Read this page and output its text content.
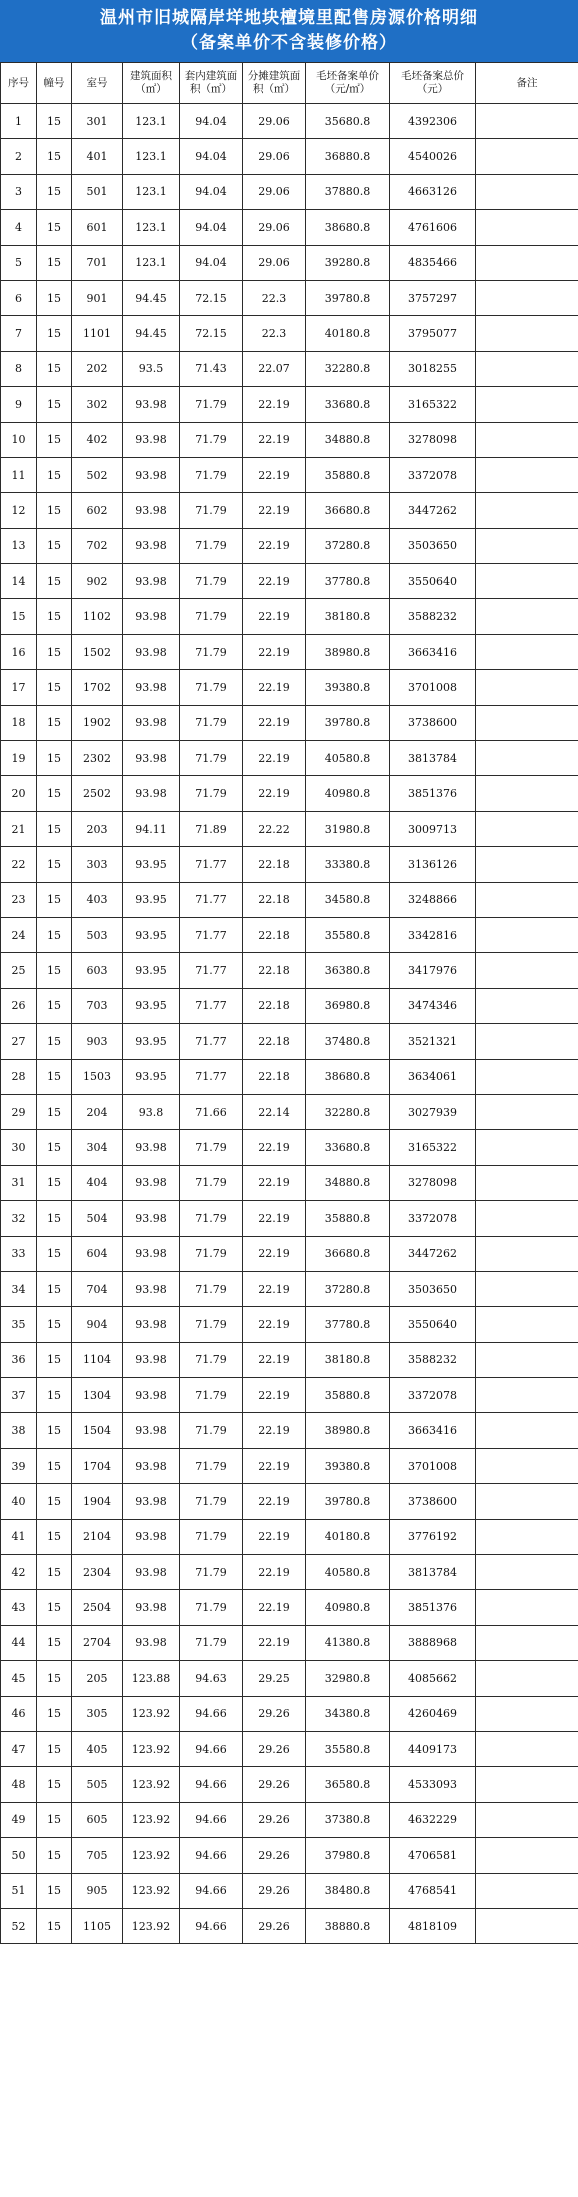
温州市旧城隔岸垟地块檀境里配售房源价格明细
（备案单价不含装修价格）
序号	幢号	室号	建筑面积（㎡）	套内建筑面积（㎡）	分摊建筑面积（㎡）	毛坯备案单价（元/㎡）	毛坯备案总价（元）	备注
1	15	301	123.1	94.04	29.06	35680.8	4392306	
2	15	401	123.1	94.04	29.06	36880.8	4540026	
3	15	501	123.1	94.04	29.06	37880.8	4663126	
4	15	601	123.1	94.04	29.06	38680.8	4761606	
5	15	701	123.1	94.04	29.06	39280.8	4835466	
6	15	901	94.45	72.15	22.3	39780.8	3757297	
7	15	1101	94.45	72.15	22.3	40180.8	3795077	
8	15	202	93.5	71.43	22.07	32280.8	3018255	
9	15	302	93.98	71.79	22.19	33680.8	3165322	
10	15	402	93.98	71.79	22.19	34880.8	3278098	
11	15	502	93.98	71.79	22.19	35880.8	3372078	
12	15	602	93.98	71.79	22.19	36680.8	3447262	
13	15	702	93.98	71.79	22.19	37280.8	3503650	
14	15	902	93.98	71.79	22.19	37780.8	3550640	
15	15	1102	93.98	71.79	22.19	38180.8	3588232	
16	15	1502	93.98	71.79	22.19	38980.8	3663416	
17	15	1702	93.98	71.79	22.19	39380.8	3701008	
18	15	1902	93.98	71.79	22.19	39780.8	3738600	
19	15	2302	93.98	71.79	22.19	40580.8	3813784	
20	15	2502	93.98	71.79	22.19	40980.8	3851376	
21	15	203	94.11	71.89	22.22	31980.8	3009713	
22	15	303	93.95	71.77	22.18	33380.8	3136126	
23	15	403	93.95	71.77	22.18	34580.8	3248866	
24	15	503	93.95	71.77	22.18	35580.8	3342816	
25	15	603	93.95	71.77	22.18	36380.8	3417976	
26	15	703	93.95	71.77	22.18	36980.8	3474346	
27	15	903	93.95	71.77	22.18	37480.8	3521321	
28	15	1503	93.95	71.77	22.18	38680.8	3634061	
29	15	204	93.8	71.66	22.14	32280.8	3027939	
30	15	304	93.98	71.79	22.19	33680.8	3165322	
31	15	404	93.98	71.79	22.19	34880.8	3278098	
32	15	504	93.98	71.79	22.19	35880.8	3372078	
33	15	604	93.98	71.79	22.19	36680.8	3447262	
34	15	704	93.98	71.79	22.19	37280.8	3503650	
35	15	904	93.98	71.79	22.19	37780.8	3550640	
36	15	1104	93.98	71.79	22.19	38180.8	3588232	
37	15	1304	93.98	71.79	22.19	35880.8	3372078	
38	15	1504	93.98	71.79	22.19	38980.8	3663416	
39	15	1704	93.98	71.79	22.19	39380.8	3701008	
40	15	1904	93.98	71.79	22.19	39780.8	3738600	
41	15	2104	93.98	71.79	22.19	40180.8	3776192	
42	15	2304	93.98	71.79	22.19	40580.8	3813784	
43	15	2504	93.98	71.79	22.19	40980.8	3851376	
44	15	2704	93.98	71.79	22.19	41380.8	3888968	
45	15	205	123.88	94.63	29.25	32980.8	4085662	
46	15	305	123.92	94.66	29.26	34380.8	4260469	
47	15	405	123.92	94.66	29.26	35580.8	4409173	
48	15	505	123.92	94.66	29.26	36580.8	4533093	
49	15	605	123.92	94.66	29.26	37380.8	4632229	
50	15	705	123.92	94.66	29.26	37980.8	4706581	
51	15	905	123.92	94.66	29.26	38480.8	4768541	
52	15	1105	123.92	94.66	29.26	38880.8	4818109	
